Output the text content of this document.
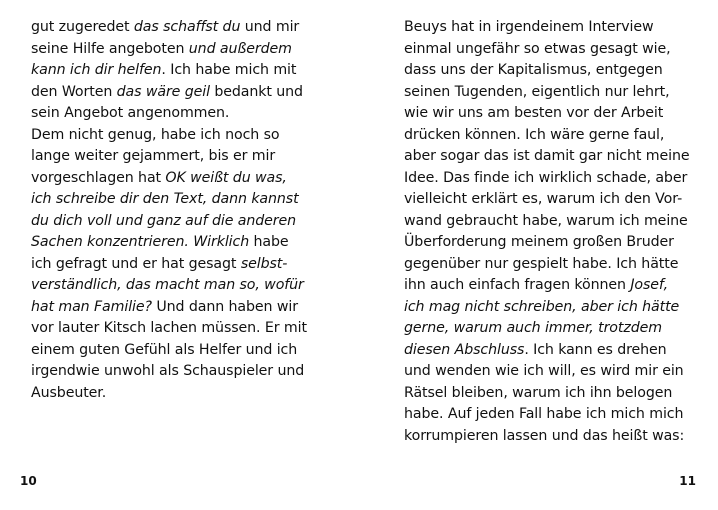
gut zugeredet das schaffst du und mir
seine Hilfe angeboten und außerdem
kann ich dir helfen. Ich habe mich mit
den Worten das wäre geil bedankt und
sein Angebot angenommen.
Dem nicht genug, habe ich noch so
lange weiter gejammert, bis er mir
vorgeschlagen hat OK weißt du was,
ich schreibe dir den Text, dann kannst
du dich voll und ganz auf die anderen
Sachen konzentrieren. Wirklich habe
ich gefragt und er hat gesagt selbst-
verständlich, das macht man so, wofür
hat man Familie? Und dann haben wir
vor lauter Kitsch lachen müssen. Er mit
einem guten Gefühl als Helfer und ich
irgendwie unwohl als Schauspieler und
Ausbeuter.
10
Beuys hat in irgendeinem Interview
einmal ungefähr so etwas gesagt wie,
dass uns der Kapitalismus, entgegen
seinen Tugenden, eigentlich nur lehrt,
wie wir uns am besten vor der Arbeit
drücken können. Ich wäre gerne faul,
aber sogar das ist damit gar nicht meine
Idee. Das finde ich wirklich schade, aber
vielleicht erklärt es, warum ich den Vor-
wand gebraucht habe, warum ich meine
Überforderung meinem großen Bruder
gegenüber nur gespielt habe. Ich hätte
ihn auch einfach fragen können Josef,
ich mag nicht schreiben, aber ich hätte
gerne, warum auch immer, trotzdem
diesen Abschluss. Ich kann es drehen
und wenden wie ich will, es wird mir ein
Rätsel bleiben, warum ich ihn belogen
habe. Auf jeden Fall habe ich mich mich
korrumpieren lassen und das heißt was:
11
